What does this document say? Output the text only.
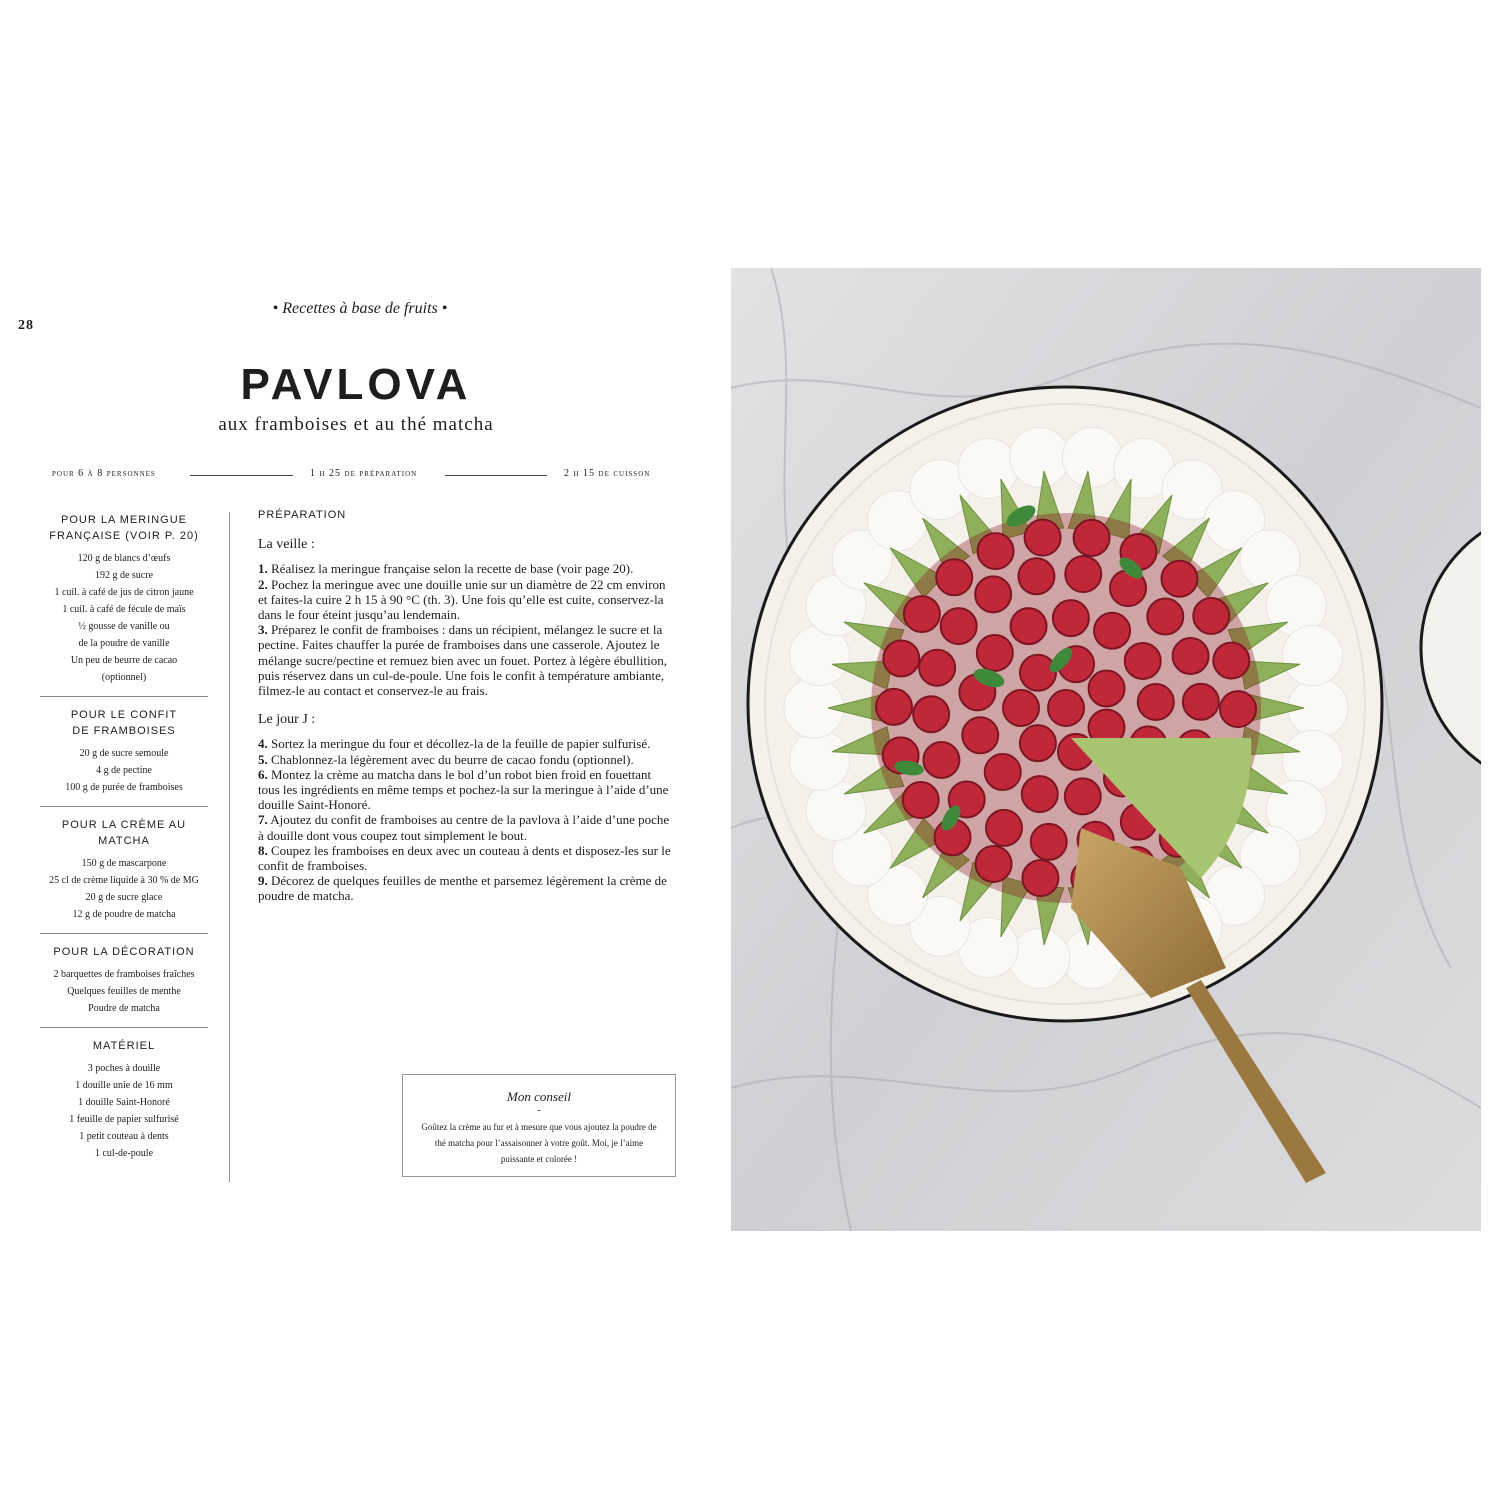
28
• Recettes à base de fruits •
PAVLOVA
aux framboises et au thé matcha
pour 6 à 8 personnes	1 h 25 de préparation	2 h 15 de cuisson
POUR LA MERINGUE
FRANÇAISE (VOIR P. 20)
120 g de blancs d’œufs
192 g de sucre
1 cuil. à café de jus de citron jaune
1 cuil. à café de fécule de maïs
½ gousse de vanille ou
de la poudre de vanille
Un peu de beurre de cacao
(optionnel)
POUR LE CONFIT
DE FRAMBOISES
20 g de sucre semoule
4 g de pectine
100 g de purée de framboises
POUR LA CRÈME AU MATCHA
150 g de mascarpone
25 cl de crème liquide à 30 % de MG
20 g de sucre glace
12 g de poudre de matcha
POUR LA DÉCORATION
2 barquettes de framboises fraîches
Quelques feuilles de menthe
Poudre de matcha
MATÉRIEL
3 poches à douille
1 douille unie de 16 mm
1 douille Saint-Honoré
1 feuille de papier sulfurisé
1 petit couteau à dents
1 cul-de-poule
PRÉPARATION
La veille :

1. Réalisez la meringue française selon la recette de base (voir page 20).

2. Pochez la meringue avec une douille unie sur un diamètre de 22 cm environ et faites-la cuire 2 h 15 à 90 °C (th. 3). Une fois qu’elle est cuite, conservez-la dans le four éteint jusqu’au lendemain.

3. Préparez le confit de framboises : dans un récipient, mélangez le sucre et la pectine. Faites chauffer la purée de framboises dans une casserole. Ajoutez le mélange sucre/pectine et remuez bien avec un fouet. Portez à légère ébullition, puis réservez dans un cul-de-poule. Une fois le confit à température ambiante, filmez-le au contact et conservez-le au frais.

Le jour J :

4. Sortez la meringue du four et décollez-la de la feuille de papier sulfurisé.

5. Chablonnez-la légèrement avec du beurre de cacao fondu (optionnel).

6. Montez la crème au matcha dans le bol d’un robot bien froid en fouettant tous les ingrédients en même temps et pochez-la sur la meringue à l’aide d’une douille Saint-Honoré.

7. Ajoutez du confit de framboises au centre de la pavlova à l’aide d’une poche à douille dont vous coupez tout simplement le bout.

8. Coupez les framboises en deux avec un couteau à dents et disposez-les sur le confit de framboises.

9. Décorez de quelques feuilles de menthe et parsemez légèrement la crème de poudre de matcha.

Mon conseil
-
Goûtez la crème au fur et à mesure que vous ajoutez la poudre de thé matcha pour l’assaisonner à votre goût. Moi, je l’aime puissante et colorée !
